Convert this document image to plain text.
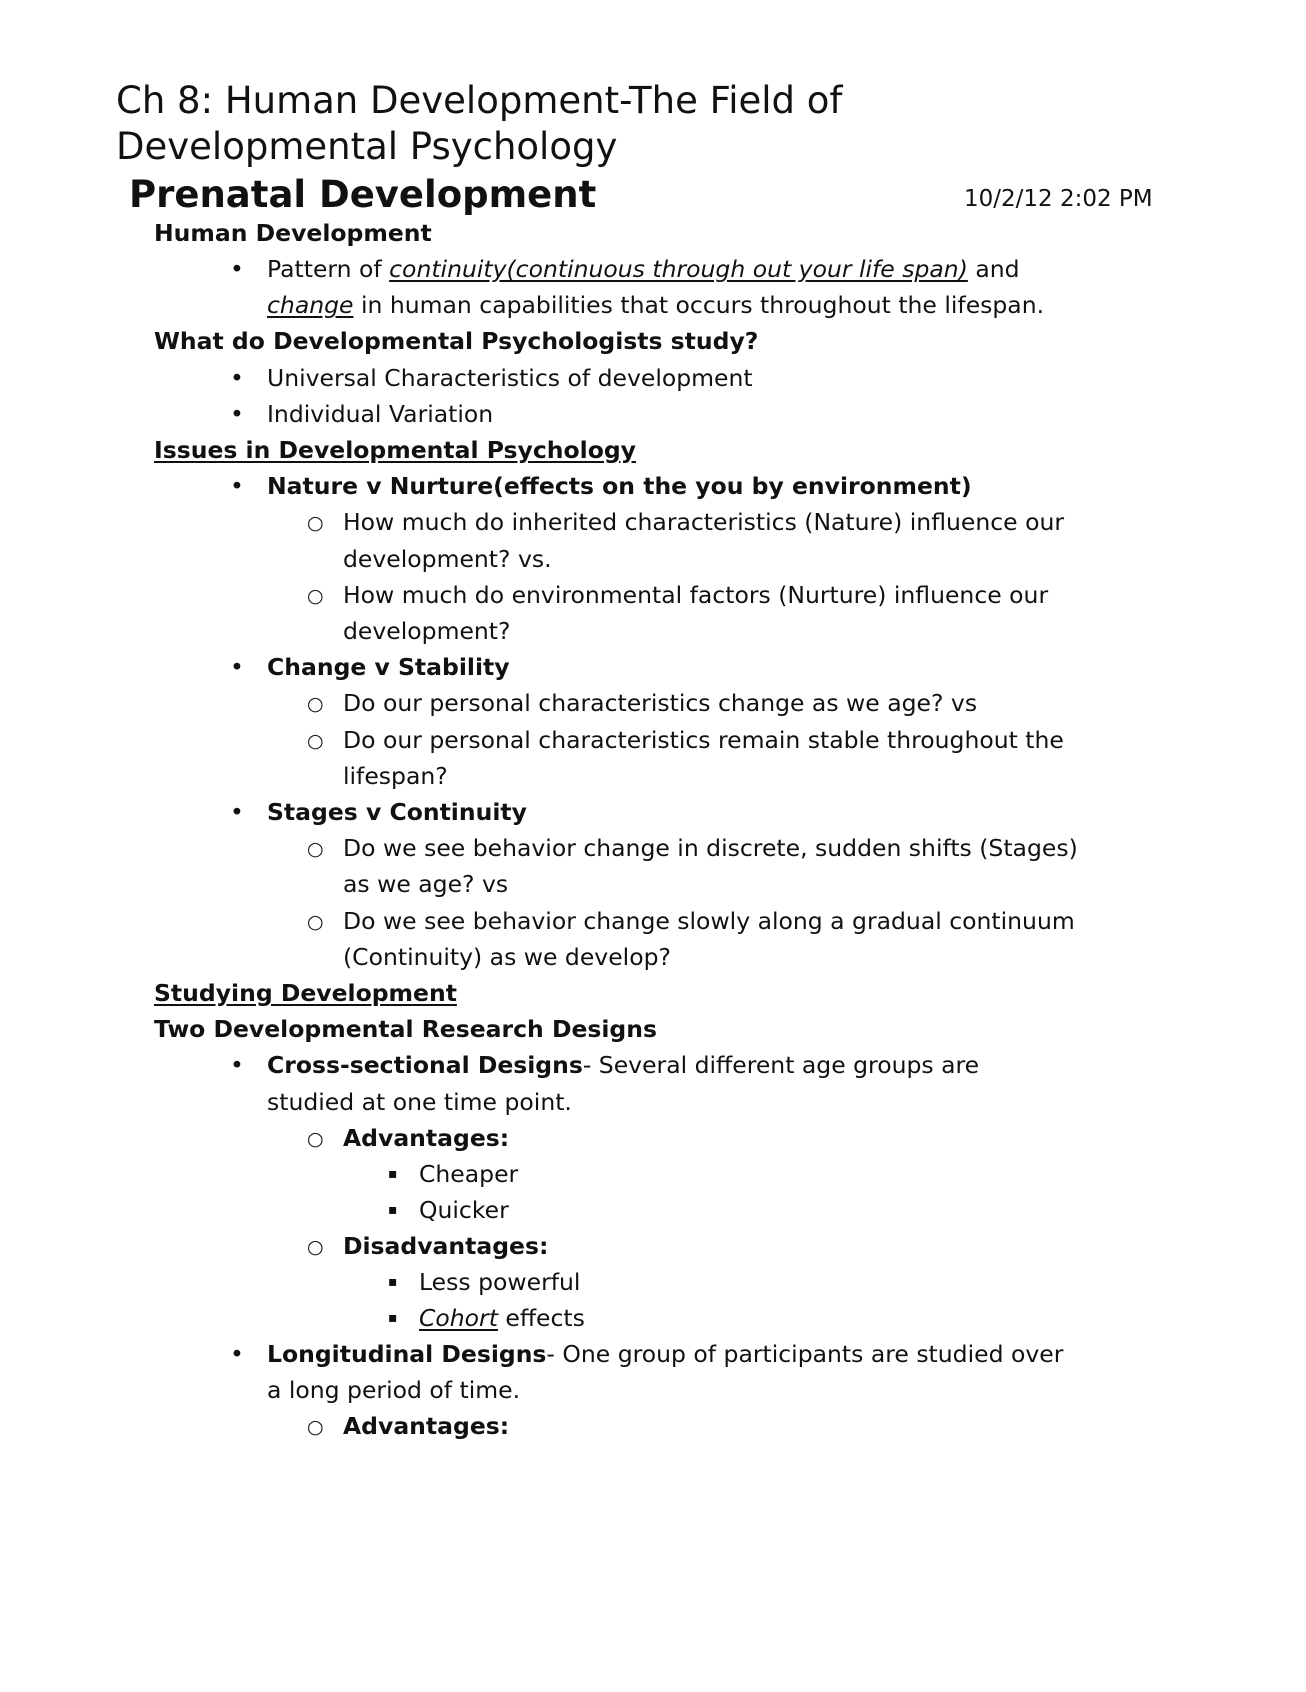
Ch 8: Human Development-The Field of
Developmental Psychology
Prenatal Development	10/2/12 2:02 PM
Human Development
• Pattern of continuity(continuous through out your life span) and
change in human capabilities that occurs throughout the lifespan.
What do Developmental Psychologists study?
• Universal Characteristics of development
• Individual Variation
Issues in Developmental Psychology
• Nature v Nurture(effects on the you by environment)
○ How much do inherited characteristics (Nature) influence our
development? vs.
○ How much do environmental factors (Nurture) influence our
development?
• Change v Stability
○ Do our personal characteristics change as we age? vs
○ Do our personal characteristics remain stable throughout the
lifespan?
• Stages v Continuity
○ Do we see behavior change in discrete, sudden shifts (Stages)
as we age? vs
○ Do we see behavior change slowly along a gradual continuum
(Continuity) as we develop?
Studying Development
Two Developmental Research Designs
• Cross-sectional Designs- Several different age groups are
studied at one time point.
○ Advantages:
▪ Cheaper
▪ Quicker
○ Disadvantages:
▪ Less powerful
▪ Cohort effects
• Longitudinal Designs- One group of participants are studied over
a long period of time.
○ Advantages:
